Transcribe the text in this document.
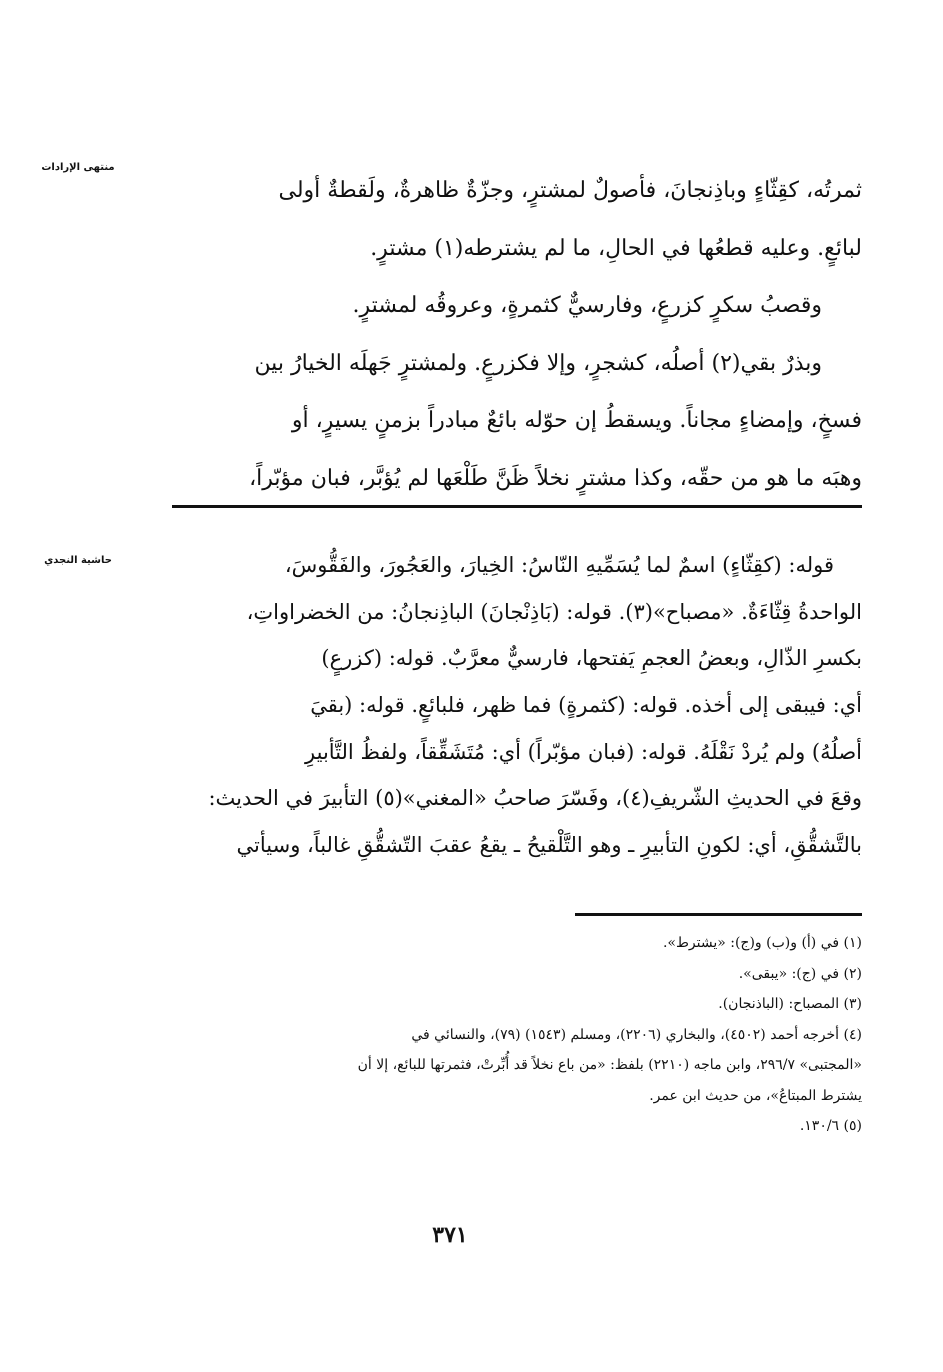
منتهى الإرادات

ثمرتُه، كقِثّاءٍ وباذِنجانَ، فأصولٌ لمشترٍ، وجزّةٌ ظاهرةٌ، ولَقطةٌ أولى

لبائعٍ. وعليه قطعُها في الحالِ، ما لم يشترطه(١) مشترٍ.

وقصبُ سكرٍ كزرعٍ، وفارسيٌّ كثمرةٍ، وعروقُه لمشترٍ.

وبذرٌ بقي(٢) أصلُه، كشجرٍ، وإلا فكزرعٍ. ولمشترٍ جَهلَه الخيارُ بين

فسخٍ، وإمضاءٍ مجاناً. ويسقطُ إن حوّله بائعٌ مبادراً بزمنٍ يسيرٍ، أو

وهبَه ما هو من حقّه، وكذا مشترٍ نخلاً ظَنَّ طَلْعَها لم يُؤبَّر، فبان مؤبّراً،

حاشية النجدي	قوله: (كقِثّاءٍ) اسمٌ لما يُسَمِّيهِ النّاسُ: الخِيارَ، والعَجُورَ، والفَقُّوسَ،

الواحدةُ قِثّاءَةٌ. «مصباح»(٣). قوله: (بَاذِنْجانَ) الباذِنجانُ: من الخضراواتِ،

بكسرِ الذّالِ، وبعضُ العجمِ يَفتحها، فارسيٌّ معرَّبٌ. قوله: (كزرعٍ)

أي: فيبقى إلى أخذه. قوله: (كثمرةٍ) فما ظهر، فلبائعٍ. قوله: (بقيَ

أصلُهُ) ولم يُردْ نَقْلَهُ. قوله: (فبان مؤبّراً) أي: مُتَشَقِّقاً، ولفظُ التَّأبيرِ

وقعَ في الحديثِ الشّريفِ(٤)، وفَسّرَ صاحبُ «المغني»(٥) التأبيرَ في الحديث:

بالتَّشقُّقِ، أي: لكونِ التأبيرِ ـ وهو التَّلْقيحُ ـ يقعُ عقبَ التّشقُّقِ غالباً، وسيأتي

(١) في (أ) و(ب) و(ج): «يشترط».

(٢) في (ج): «يبقى».

(٣) المصباح: (الباذنجان).

(٤) أخرجه أحمد (٤٥٠٢)، والبخاري (٢٢٠٦)، ومسلم (١٥٤٣) (٧٩)، والنسائي في

«المجتبى» ٢٩٦/٧، وابن ماجه (٢٢١٠) بلفظ: «من باع نخلاً قد أُبِّرتْ، فثمرتها للبائع، إلا أن

يشترط المبتاعُ»، من حديث ابن عمر.

(٥) ١٣٠/٦.

٣٧١
